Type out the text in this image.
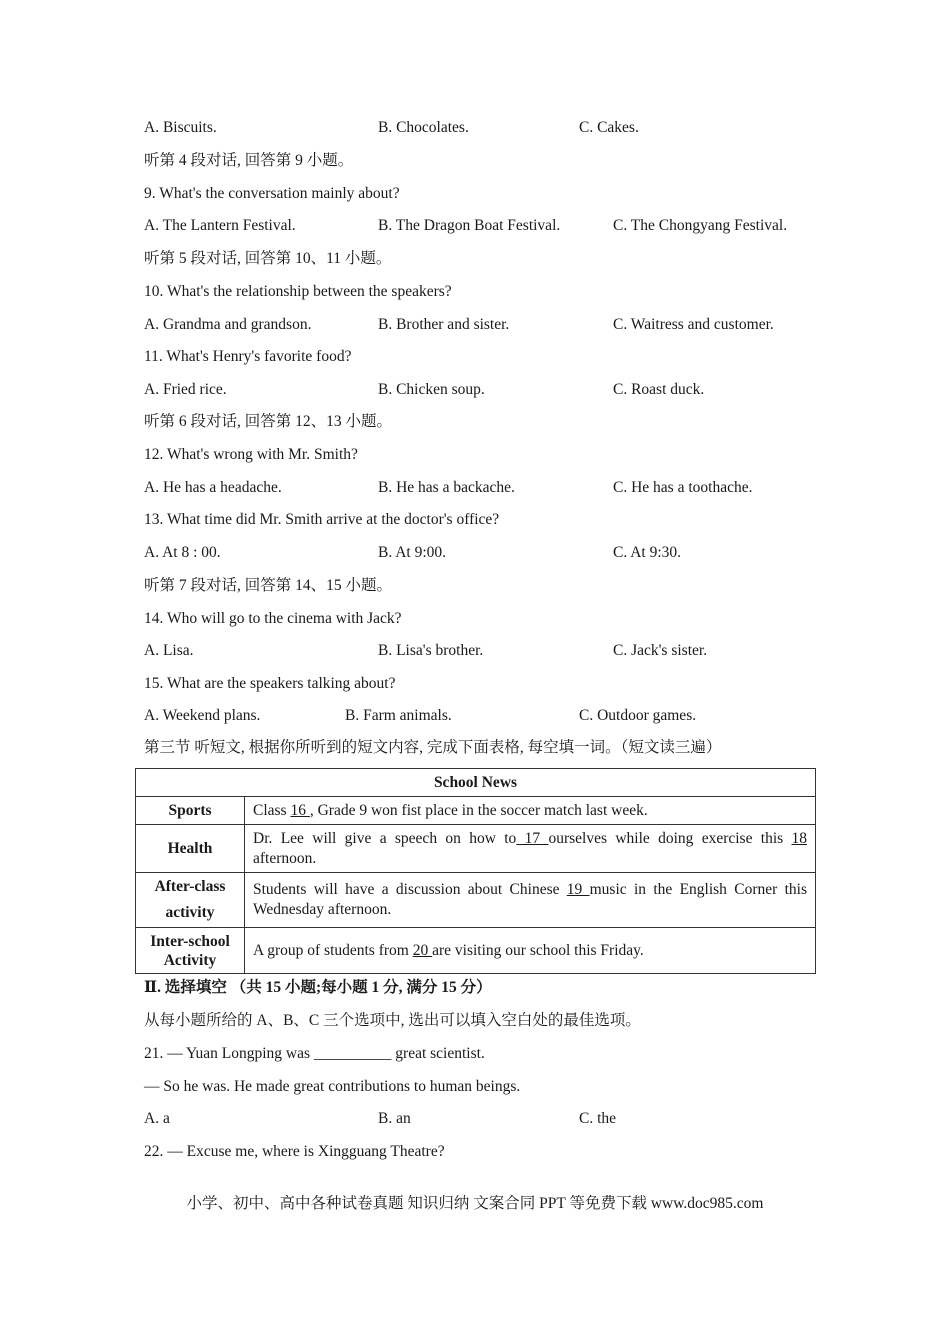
A. Biscuits.	B. Chocolates.	C. Cakes.
听第 4 段对话, 回答第 9 小题。
9. What's the conversation mainly about?
A. The Lantern Festival.	B. The Dragon Boat Festival.	C. The Chongyang Festival.
听第 5 段对话, 回答第 10、11 小题。
10. What's the relationship between the speakers?
A. Grandma and grandson.	B. Brother and sister.	C. Waitress and customer.
11. What's Henry's favorite food?
A. Fried rice.	B. Chicken soup.	C. Roast duck.
听第 6 段对话, 回答第 12、13 小题。
12. What's wrong with Mr. Smith?
A. He has a headache.	B. He has a backache.	C. He has a toothache.
13. What time did Mr. Smith arrive at the doctor's office?
A. At 8 : 00.	B. At 9:00.	C. At 9:30.
听第 7 段对话, 回答第 14、15 小题。
14. Who will go to the cinema with Jack?
A. Lisa.	B. Lisa's brother.	C. Jack's sister.
15. What are the speakers talking about?
A. Weekend plans.	B. Farm animals.	C. Outdoor games.
第三节 听短文, 根据你所听到的短文内容, 完成下面表格, 每空填一词。（短文读三遍）
School News	
Sports	Class 16 , Grade 9 won fist place in the soccer match last week.
Health	Dr. Lee will give a speech on how to 17 ourselves while doing exercise this 18 afternoon.
After-class
activity	Students will have a discussion about Chinese 19 music in the English Corner this Wednesday afternoon.
Inter-school
Activity	A group of students from 20 are visiting our school this Friday.
Ⅱ. 选择填空 （共 15 小题;每小题 1 分, 满分 15 分）
从每小题所给的 A、B、C 三个选项中, 选出可以填入空白处的最佳选项。
21. — Yuan Longping was __________ great scientist.
— So he was. He made great contributions to human beings.
A. a	B. an	C. the
22. — Excuse me, where is Xingguang Theatre?
小学、初中、高中各种试卷真题 知识归纳 文案合同 PPT 等免费下载 www.doc985.com
